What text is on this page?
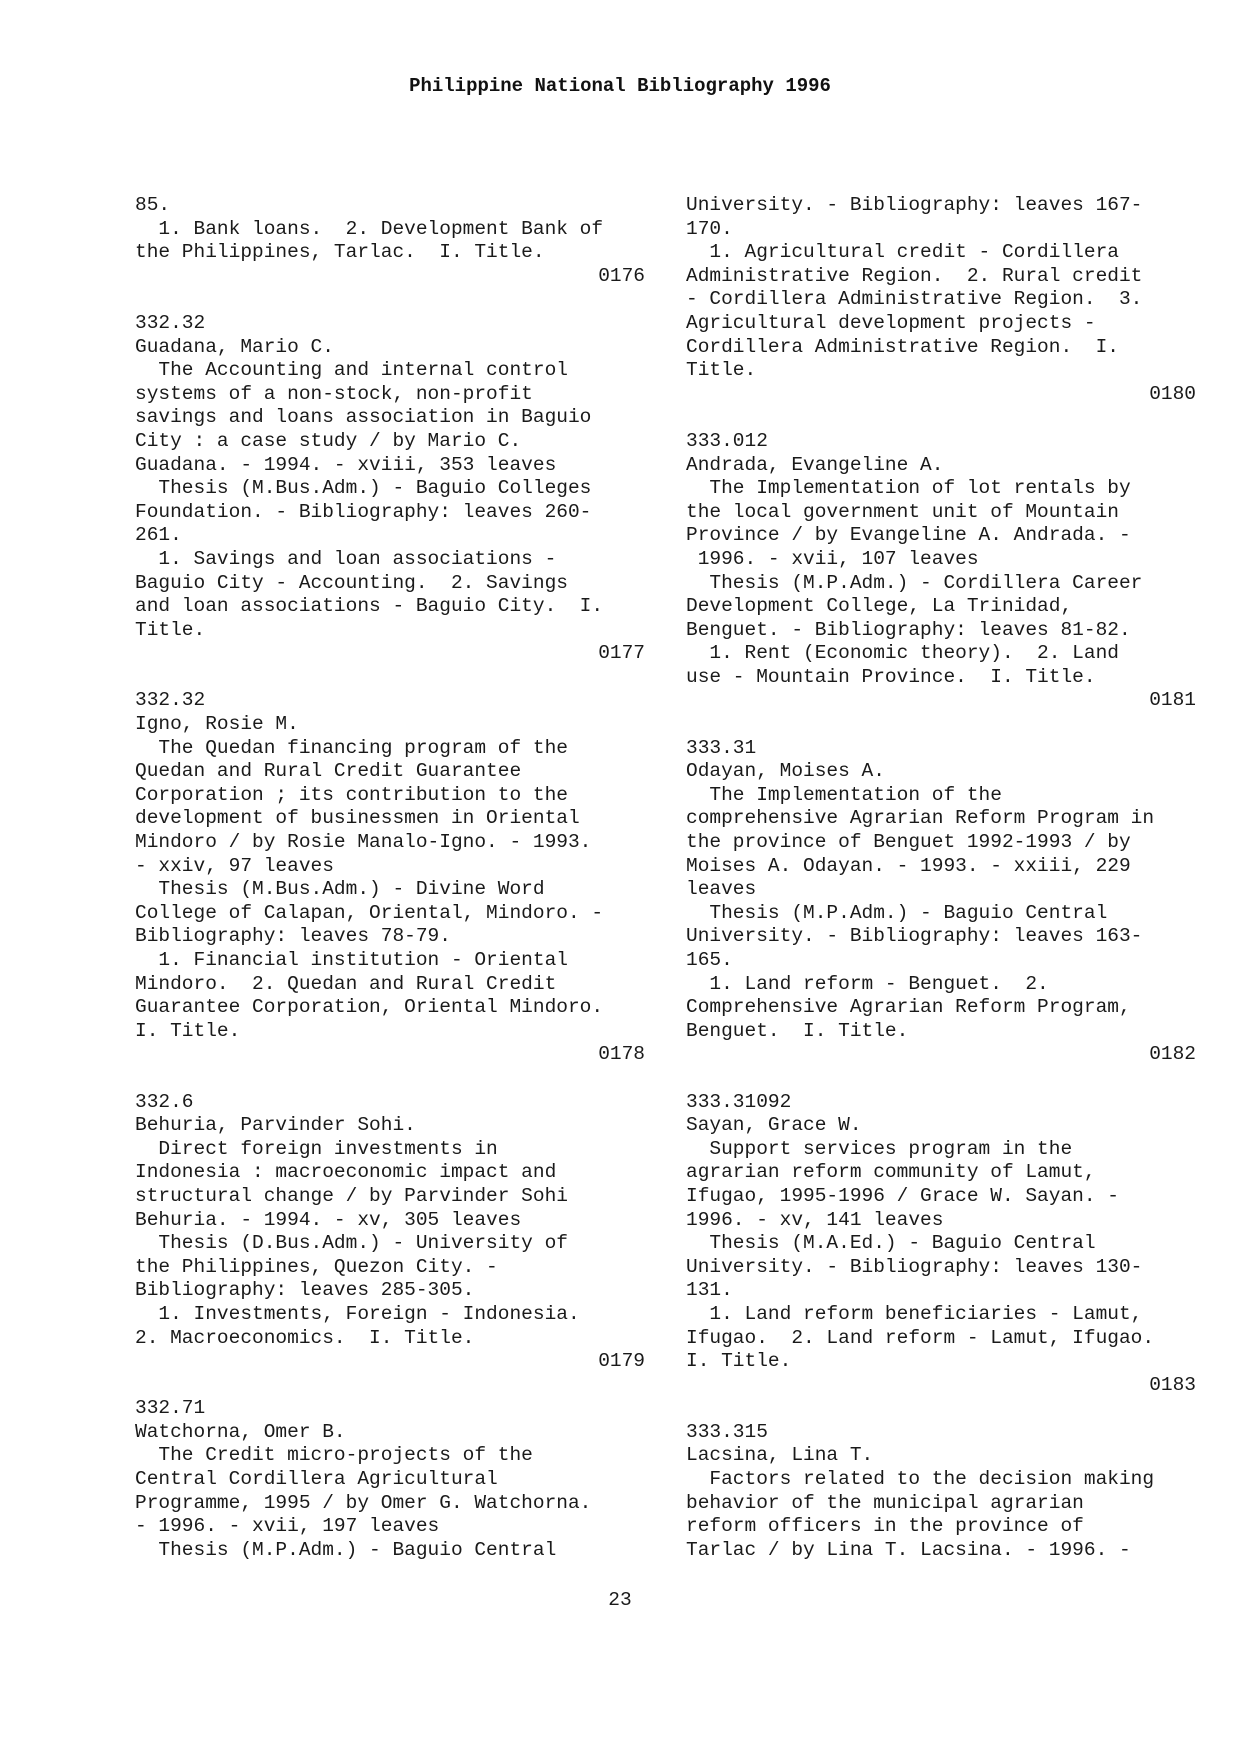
Philippine National Bibliography 1996
85.
1. Bank loans.  2. Development Bank of
the Philippines, Tarlac.  I. Title.
0176
332.32
Guadana, Mario C.
The Accounting and internal control
systems of a non-stock, non-profit
savings and loans association in Baguio
City : a case study / by Mario C.
Guadana. - 1994. - xviii, 353 leaves
Thesis (M.Bus.Adm.) - Baguio Colleges
Foundation. - Bibliography: leaves 260-
261.
1. Savings and loan associations -
Baguio City - Accounting.  2. Savings
and loan associations - Baguio City.  I.
Title.
0177
332.32
Igno, Rosie M.
The Quedan financing program of the
Quedan and Rural Credit Guarantee
Corporation ; its contribution to the
development of businessmen in Oriental
Mindoro / by Rosie Manalo-Igno. - 1993.
- xxiv, 97 leaves
Thesis (M.Bus.Adm.) - Divine Word
College of Calapan, Oriental, Mindoro. -
Bibliography: leaves 78-79.
1. Financial institution - Oriental
Mindoro.  2. Quedan and Rural Credit
Guarantee Corporation, Oriental Mindoro.
I. Title.
0178
332.6
Behuria, Parvinder Sohi.
Direct foreign investments in
Indonesia : macroeconomic impact and
structural change / by Parvinder Sohi
Behuria. - 1994. - xv, 305 leaves
Thesis (D.Bus.Adm.) - University of
the Philippines, Quezon City. -
Bibliography: leaves 285-305.
1. Investments, Foreign - Indonesia.
2. Macroeconomics.  I. Title.
0179
332.71
Watchorna, Omer B.
The Credit micro-projects of the
Central Cordillera Agricultural
Programme, 1995 / by Omer G. Watchorna.
- 1996. - xvii, 197 leaves
Thesis (M.P.Adm.) - Baguio Central
University. - Bibliography: leaves 167-
170.
1. Agricultural credit - Cordillera
Administrative Region.  2. Rural credit
- Cordillera Administrative Region.  3.
Agricultural development projects -
Cordillera Administrative Region.  I.
Title.
0180
333.012
Andrada, Evangeline A.
The Implementation of lot rentals by
the local government unit of Mountain
Province / by Evangeline A. Andrada. -
1996. - xvii, 107 leaves
Thesis (M.P.Adm.) - Cordillera Career
Development College, La Trinidad,
Benguet. - Bibliography: leaves 81-82.
1. Rent (Economic theory).  2. Land
use - Mountain Province.  I. Title.
0181
333.31
Odayan, Moises A.
The Implementation of the
comprehensive Agrarian Reform Program in
the province of Benguet 1992-1993 / by
Moises A. Odayan. - 1993. - xxiii, 229
leaves
Thesis (M.P.Adm.) - Baguio Central
University. - Bibliography: leaves 163-
165.
1. Land reform - Benguet.  2.
Comprehensive Agrarian Reform Program,
Benguet.  I. Title.
0182
333.31092
Sayan, Grace W.
Support services program in the
agrarian reform community of Lamut,
Ifugao, 1995-1996 / Grace W. Sayan. -
1996. - xv, 141 leaves
Thesis (M.A.Ed.) - Baguio Central
University. - Bibliography: leaves 130-
131.
1. Land reform beneficiaries - Lamut,
Ifugao.  2. Land reform - Lamut, Ifugao.
I. Title.
0183
333.315
Lacsina, Lina T.
Factors related to the decision making
behavior of the municipal agrarian
reform officers in the province of
Tarlac / by Lina T. Lacsina. - 1996. -
23
